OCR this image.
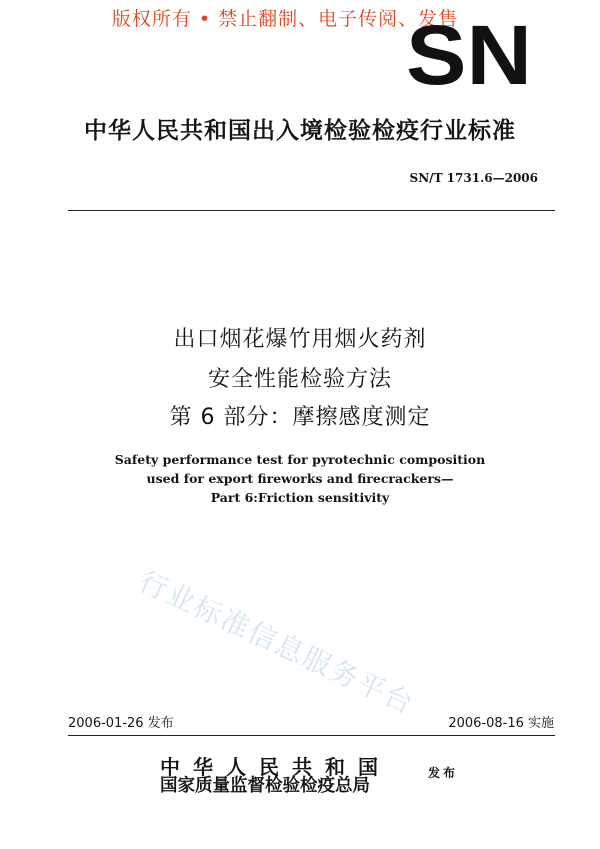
版权所有 • 禁止翻制、电子传阅、发售
SN
中华人民共和国出入境检验检疫行业标准
SN/T 1731.6—2006
出口烟花爆竹用烟火药剂
安全性能检验方法
第 6 部分：摩擦感度测定
Safety performance test for pyrotechnic composition
used for export fireworks and firecrackers—
Part 6:Friction sensitivity
行业标准信息服务平台
2006-01-26 发布	2006-08-16 实施
中华人民共和国
国家质量监督检验检疫总局
发布
